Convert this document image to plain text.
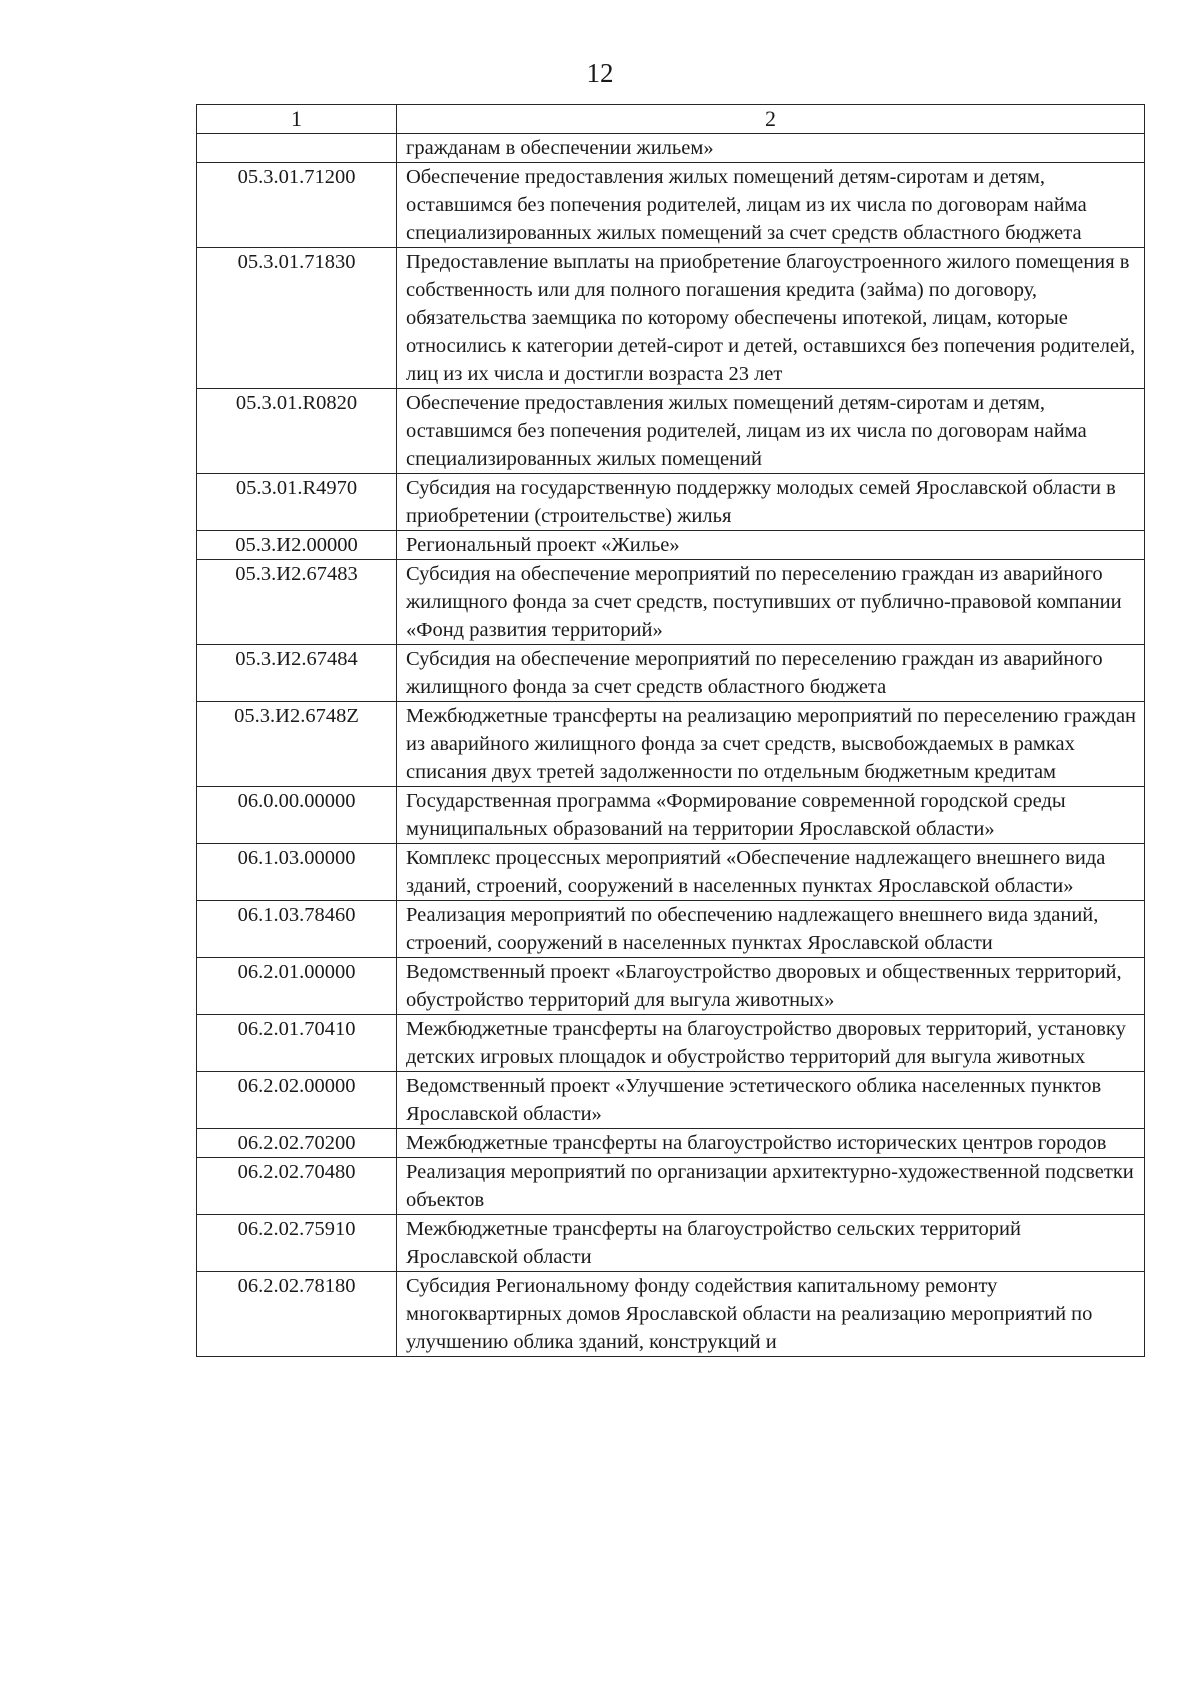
12
1	2
	гражданам в обеспечении жильем»
05.3.01.71200	Обеспечение предоставления жилых помещений детям-сиротам и детям, оставшимся без попечения родителей, лицам из их числа по договорам найма специализированных жилых помещений за счет средств областного бюджета
05.3.01.71830	Предоставление выплаты на приобретение благоустроенного жилого помещения в собственность или для полного погашения кредита (займа) по договору, обязательства заемщика по которому обеспечены ипотекой, лицам, которые относились к категории детей-сирот и детей, оставшихся без попечения родителей, лиц из их числа и достигли возраста 23 лет
05.3.01.R0820	Обеспечение предоставления жилых помещений детям-сиротам и детям, оставшимся без попечения родителей, лицам из их числа по договорам найма специализированных жилых помещений
05.3.01.R4970	Субсидия на государственную поддержку молодых семей Ярославской области в приобретении (строительстве) жилья
05.3.И2.00000	Региональный проект «Жилье»
05.3.И2.67483	Субсидия на обеспечение мероприятий по переселению граждан из аварийного жилищного фонда за счет средств, поступивших от публично-правовой компании «Фонд развития территорий»
05.3.И2.67484	Субсидия на обеспечение мероприятий по переселению граждан из аварийного жилищного фонда за счет средств областного бюджета
05.3.И2.6748Z	Межбюджетные трансферты на реализацию мероприятий по переселению граждан из аварийного жилищного фонда за счет средств, высвобождаемых в рамках списания двух третей задолженности по отдельным бюджетным кредитам
06.0.00.00000	Государственная программа «Формирование современной городской среды муниципальных образований на территории Ярославской области»
06.1.03.00000	Комплекс процессных мероприятий «Обеспечение надлежащего внешнего вида зданий, строений, сооружений в населенных пунктах Ярославской области»
06.1.03.78460	Реализация мероприятий по обеспечению надлежащего внешнего вида зданий, строений, сооружений в населенных пунктах Ярославской области
06.2.01.00000	Ведомственный проект «Благоустройство дворовых и общественных территорий, обустройство территорий для выгула животных»
06.2.01.70410	Межбюджетные трансферты на благоустройство дворовых территорий, установку детских игровых площадок и обустройство территорий для выгула животных
06.2.02.00000	Ведомственный проект «Улучшение эстетического облика населенных пунктов Ярославской области»
06.2.02.70200	Межбюджетные трансферты на благоустройство исторических центров городов
06.2.02.70480	Реализация мероприятий по организации архитектурно-художественной подсветки объектов
06.2.02.75910	Межбюджетные трансферты на благоустройство сельских территорий Ярославской области
06.2.02.78180	Субсидия Региональному фонду содействия капитальному ремонту многоквартирных домов Ярославской области на реализацию мероприятий по улучшению облика зданий, конструкций и
